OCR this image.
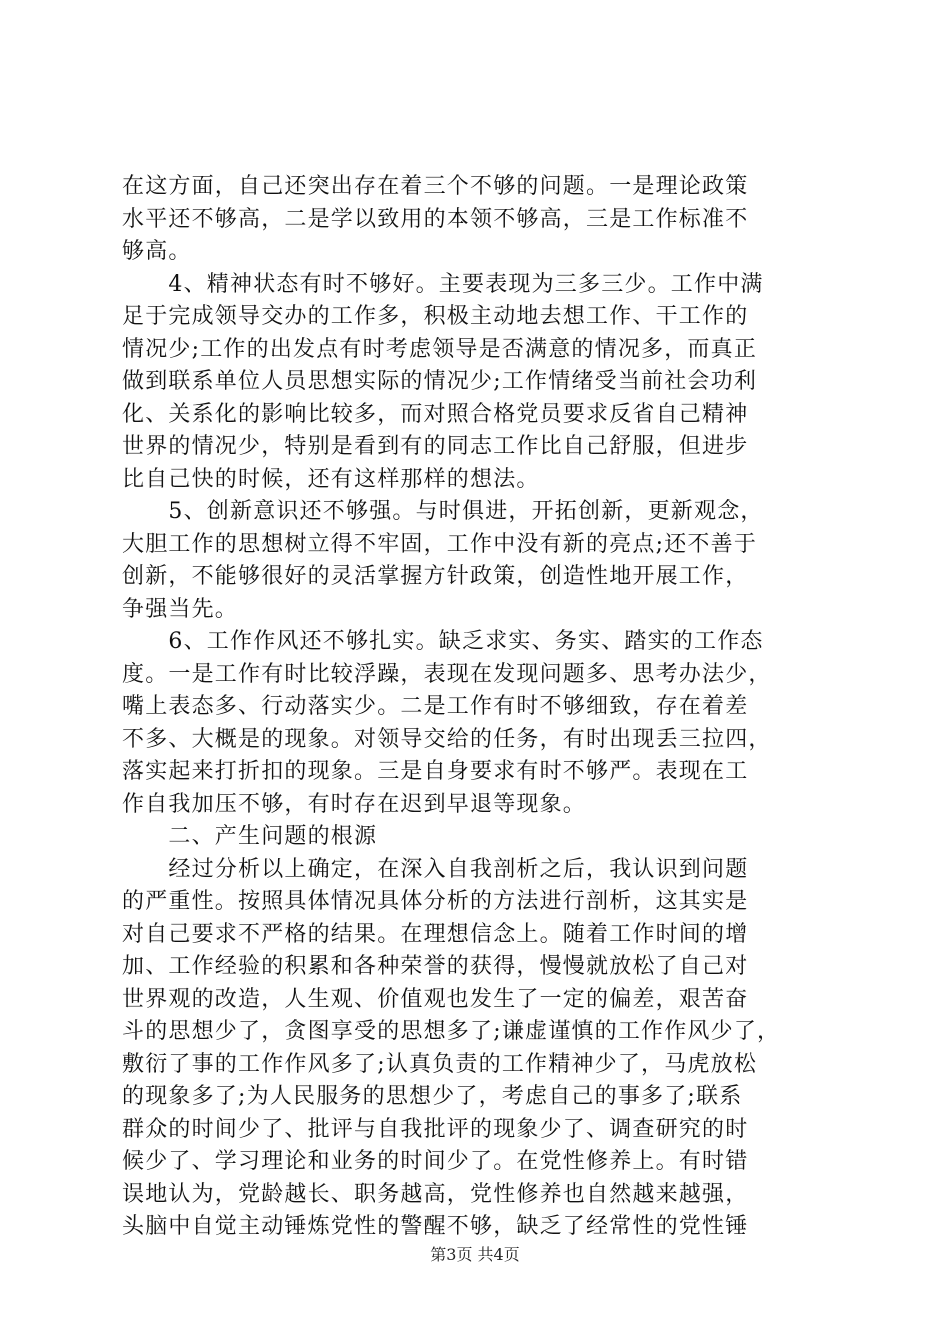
在这方面，自己还突出存在着三个不够的问题。一是理论政策
水平还不够高，二是学以致用的本领不够高，三是工作标准不
够高。
　　4、精神状态有时不够好。主要表现为三多三少。工作中满
足于完成领导交办的工作多，积极主动地去想工作、干工作的
情况少;工作的出发点有时考虑领导是否满意的情况多，而真正
做到联系单位人员思想实际的情况少;工作情绪受当前社会功利
化、关系化的影响比较多，而对照合格党员要求反省自己精神
世界的情况少，特别是看到有的同志工作比自己舒服，但进步
比自己快的时候，还有这样那样的想法。
　　5、创新意识还不够强。与时俱进，开拓创新，更新观念，
大胆工作的思想树立得不牢固，工作中没有新的亮点;还不善于
创新，不能够很好的灵活掌握方针政策，创造性地开展工作，
争强当先。
　　6、工作作风还不够扎实。缺乏求实、务实、踏实的工作态
度。一是工作有时比较浮躁，表现在发现问题多、思考办法少，
嘴上表态多、行动落实少。二是工作有时不够细致，存在着差
不多、大概是的现象。对领导交给的任务，有时出现丢三拉四，
落实起来打折扣的现象。三是自身要求有时不够严。表现在工
作自我加压不够，有时存在迟到早退等现象。
　　二、产生问题的根源
　　经过分析以上确定，在深入自我剖析之后，我认识到问题
的严重性。按照具体情况具体分析的方法进行剖析，这其实是
对自己要求不严格的结果。在理想信念上。随着工作时间的增
加、工作经验的积累和各种荣誉的获得，慢慢就放松了自己对
世界观的改造，人生观、价值观也发生了一定的偏差，艰苦奋
斗的思想少了，贪图享受的思想多了;谦虚谨慎的工作作风少了，
敷衍了事的工作作风多了;认真负责的工作精神少了，马虎放松
的现象多了;为人民服务的思想少了，考虑自己的事多了;联系
群众的时间少了、批评与自我批评的现象少了、调查研究的时
候少了、学习理论和业务的时间少了。在党性修养上。有时错
误地认为，党龄越长、职务越高，党性修养也自然越来越强，
头脑中自觉主动锤炼党性的警醒不够，缺乏了经常性的党性锤
第3页 共4页
